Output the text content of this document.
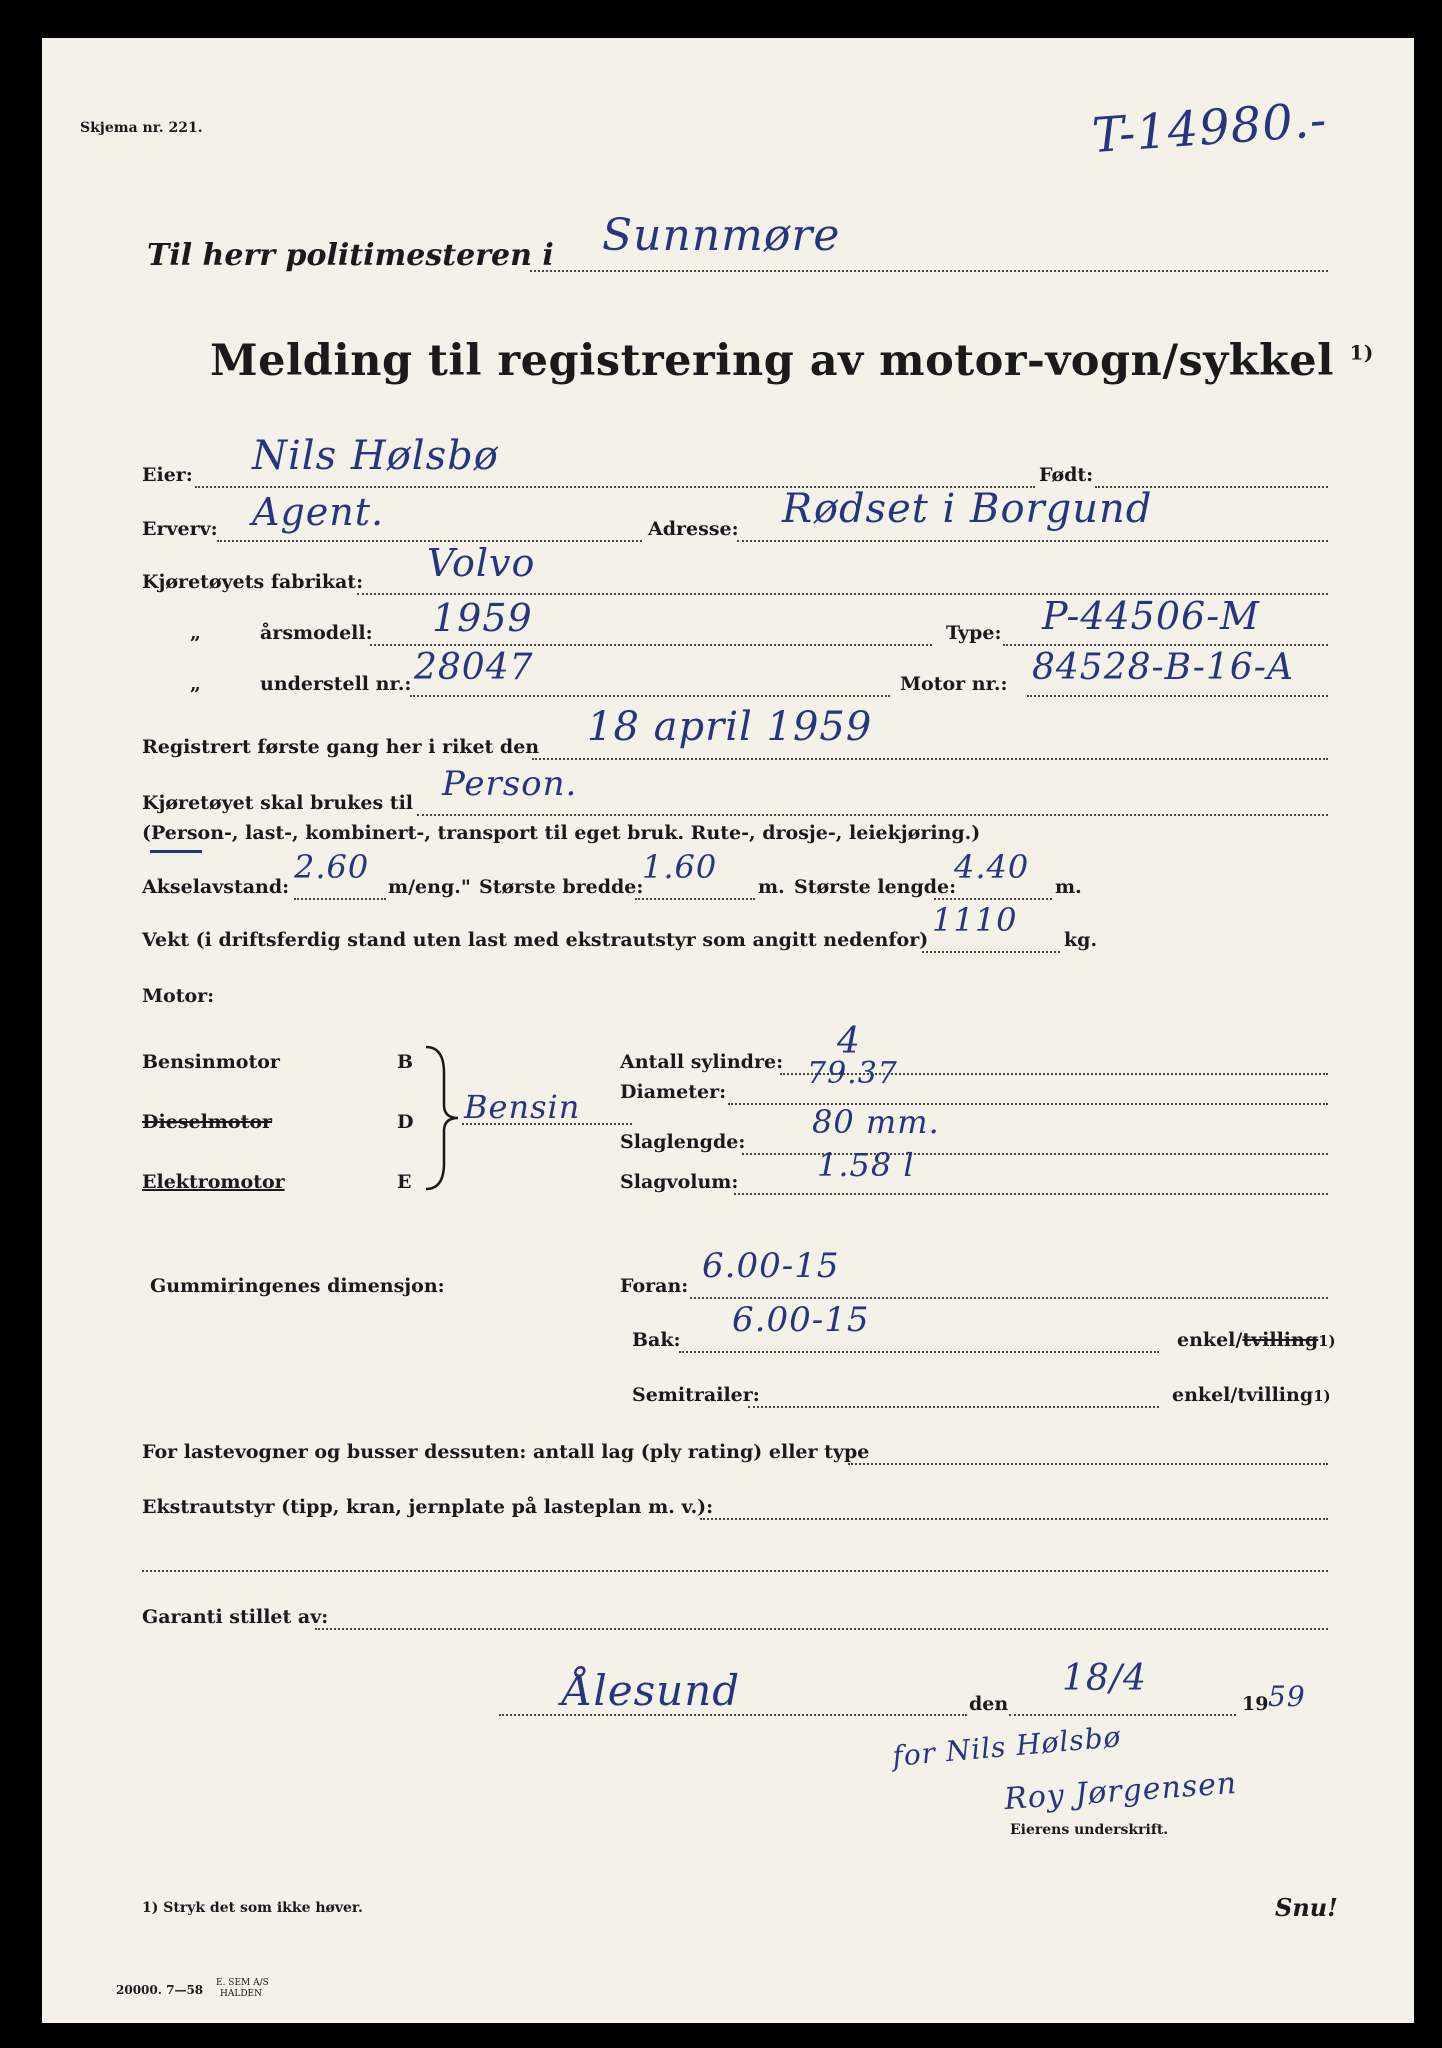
Skjema nr. 221.	T-14980.-
Til herr politimesteren i Sunnmøre
Melding til registrering av motor-vogn/sykkel $^{1)}$
Eier: Nils Hølsbø	Født:
Erverv: Agent.	Adresse: Rødset i Borgund
Kjøretøyets fabrikat: Volvo
„	årsmodell: 1959	Type: P-44506-M
„	understell nr.: 28047	Motor nr.: 84528-B-16-A
Registrert første gang her i riket den 18 april 1959
Kjøretøyet skal brukes til Person.
(Person-, last-, kombinert-, transport til eget bruk. Rute-, drosje-, leiekjøring.)
Akselavstand:
2.60
m/eng." Største bredde:
1.60
m. Største lengde:
4.40
m.
Vekt (i driftsferdig stand uten last med ekstrautstyr som angitt nedenfor)
1110
kg.
Motor:
Bensinmotor	B
Dieselmotor	D
Elektromotor	E
Bensin
Antall sylindre: 4
Diameter:
79.37
Slaglengde:
80 mm.
Slagvolum: 1.58 l
Gummiringenes dimensjon:	Foran: 6.00-15
Bak: 6.00-15	enkel/tvilling1)
Semitrailer:	enkel/tvilling1)
For lastevogner og busser dessuten: antall lag (ply rating) eller type
Ekstrautstyr (tipp, kran, jernplate på lasteplan m. v.):
Garanti stillet av:
Ålesund	den
18/4
19 59
for Nils Hølsbø
Roy Jørgensen
Eierens underskrift.
1) Stryk det som ikke høver.	Snu!
20000. 7—58 E. SEM A/S
HALDEN
